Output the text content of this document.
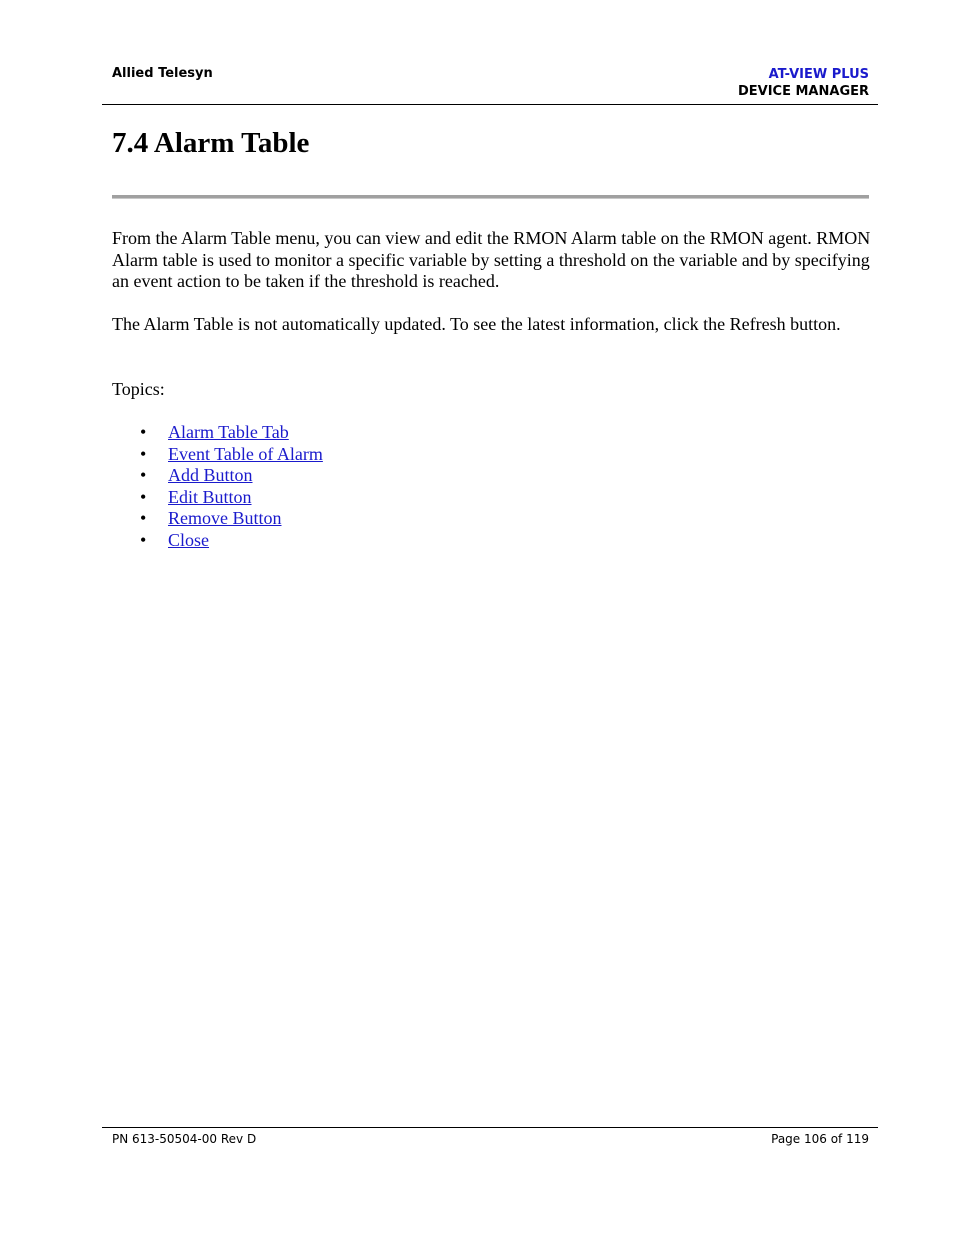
Allied Telesyn	AT-VIEW PLUS
DEVICE MANAGER
7.4 Alarm Table

From the Alarm Table menu, you can view and edit the RMON Alarm table on the RMON agent. RMON Alarm table is used to monitor a specific variable by setting a threshold on the variable and by specifying an event action to be taken if the threshold is reached.

The Alarm Table is not automatically updated. To see the latest information, click the Refresh button.

Topics:

• Alarm Table Tab
• Event Table of Alarm
• Add Button
• Edit Button
• Remove Button
• Close
PN 613-50504-00 Rev D	Page 106 of 119
